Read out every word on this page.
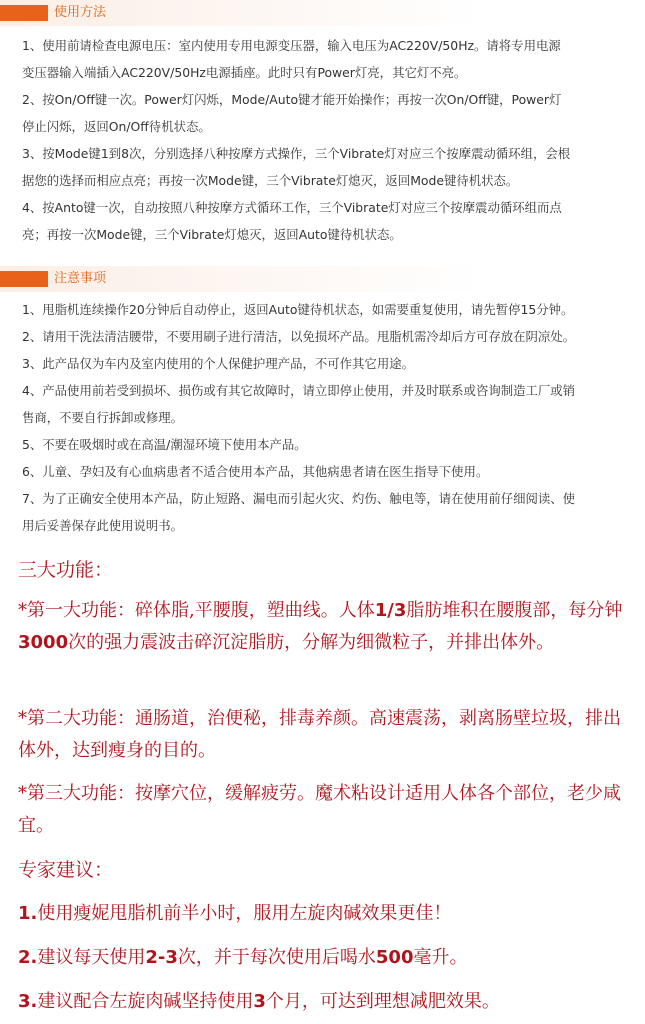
使用方法
1、使用前请检查电源电压：室内使用专用电源变压器，输入电压为AC220V/50Hz。请将专用电源
变压器输入端插入AC220V/50Hz电源插座。此时只有Power灯亮，其它灯不亮。
2、按On/Off键一次。Power灯闪烁，Mode/Auto键才能开始操作；再按一次On/Off键，Power灯
停止闪烁，返回On/Off待机状态。
3、按Mode键1到8次，分别选择八种按摩方式操作，三个Vibrate灯对应三个按摩震动循环组，会根
据您的选择而相应点亮；再按一次Mode键，三个Vibrate灯熄灭，返回Mode键待机状态。
4、按Anto键一次，自动按照八种按摩方式循环工作，三个Vibrate灯对应三个按摩震动循环组而点
亮；再按一次Mode键，三个Vibrate灯熄灭，返回Auto键待机状态。
注意事项
1、甩脂机连续操作20分钟后自动停止，返回Auto键待机状态，如需要重复使用，请先暂停15分钟。
2、请用干洗法清洁腰带，不要用刷子进行清洁，以免损坏产品。甩脂机需冷却后方可存放在阴凉处。
3、此产品仅为车内及室内使用的个人保健护理产品，不可作其它用途。
4、产品使用前若受到损坏、损伤或有其它故障时，请立即停止使用，并及时联系或咨询制造工厂或销
售商，不要自行拆卸或修理。
5、不要在吸烟时或在高温/潮湿环境下使用本产品。
6、儿童、孕妇及有心血病患者不适合使用本产品，其他病患者请在医生指导下使用。
7、为了正确安全使用本产品，防止短路、漏电而引起火灾、灼伤、触电等，请在使用前仔细阅读、使
用后妥善保存此使用说明书。
三大功能：
*第一大功能：碎体脂,平腰腹，塑曲线。人体1/3脂肪堆积在腰腹部，每分钟3000次的强力震波击碎沉淀脂肪，分解为细微粒子，并排出体外。
*第二大功能：通肠道，治便秘，排毒养颜。高速震荡，剥离肠壁垃圾，排出体外，达到瘦身的目的。
*第三大功能：按摩穴位，缓解疲劳。魔术粘设计适用人体各个部位，老少咸宜。
专家建议：
1.使用瘦妮甩脂机前半小时，服用左旋肉碱效果更佳！
2.建议每天使用2-3次，并于每次使用后喝水500毫升。
3.建议配合左旋肉碱坚持使用3个月，可达到理想减肥效果。
